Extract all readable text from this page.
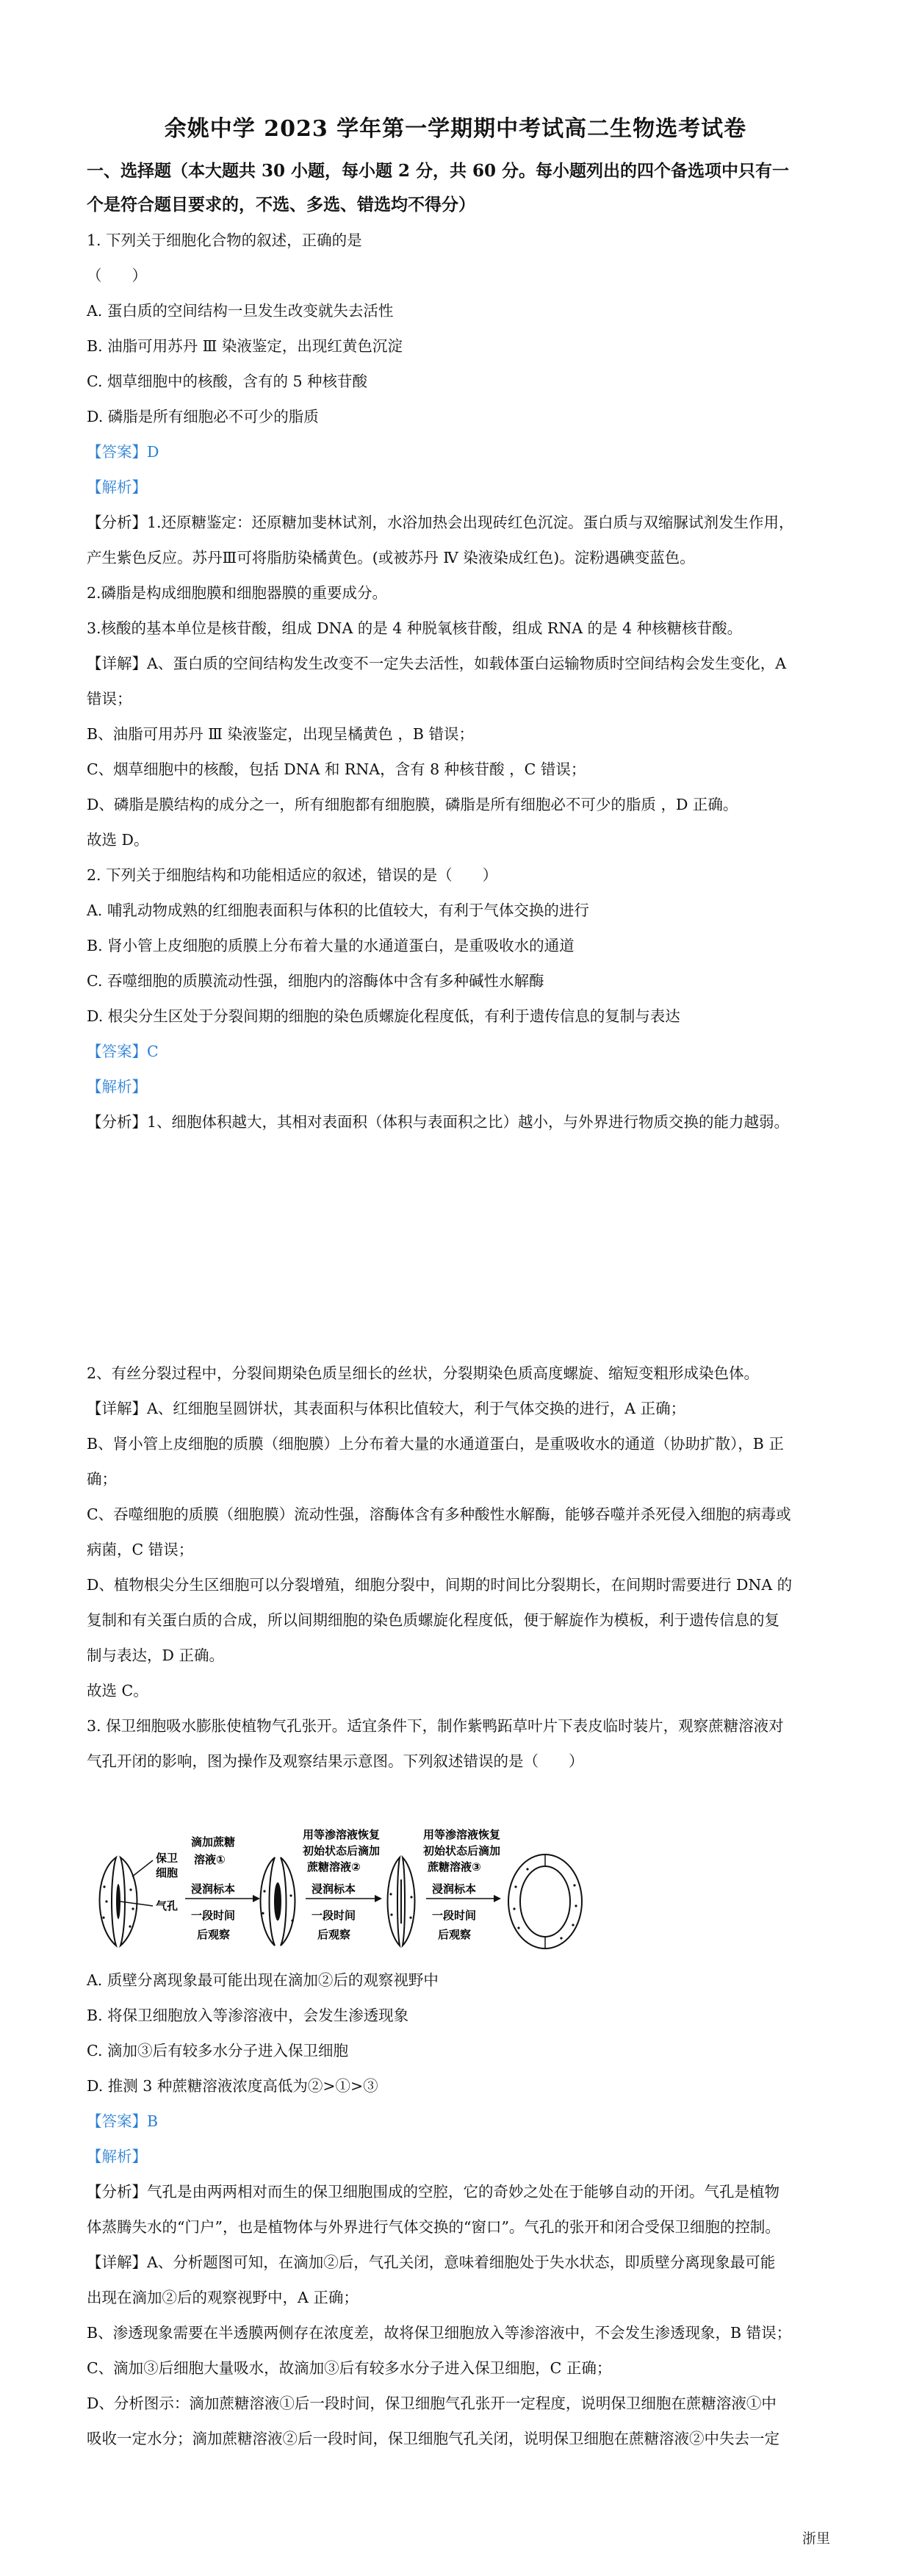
余姚中学 2023 学年第一学期期中考试高二生物选考试卷
一、选择题（本大题共 30 小题，每小题 2 分，共 60 分。每小题列出的四个备选项中只有一
个是符合题目要求的，不选、多选、错选均不得分）
1. 下列关于细胞化合物的叙述，正确的是
（　　）
A. 蛋白质的空间结构一旦发生改变就失去活性
B. 油脂可用苏丹 Ⅲ 染液鉴定，出现红黄色沉淀
C. 烟草细胞中的核酸，含有的 5 种核苷酸
D. 磷脂是所有细胞必不可少的脂质
【答案】D
【解析】
【分析】1.还原糖鉴定：还原糖加斐林试剂，水浴加热会出现砖红色沉淀。蛋白质与双缩脲试剂发生作用，
产生紫色反应。苏丹Ⅲ可将脂肪染橘黄色。(或被苏丹 Ⅳ 染液染成红色)。淀粉遇碘变蓝色。
2.磷脂是构成细胞膜和细胞器膜的重要成分。
3.核酸的基本单位是核苷酸，组成 DNA 的是 4 种脱氧核苷酸，组成 RNA 的是 4 种核糖核苷酸。
【详解】A、蛋白质的空间结构发生改变不一定失去活性，如载体蛋白运输物质时空间结构会发生变化，A
错误；
B、油脂可用苏丹 Ⅲ 染液鉴定，出现呈橘黄色 ，B 错误；
C、烟草细胞中的核酸，包括 DNA 和 RNA，含有 8 种核苷酸 ，C 错误；
D、磷脂是膜结构的成分之一，所有细胞都有细胞膜，磷脂是所有细胞必不可少的脂质 ，D 正确。
故选 D。
2. 下列关于细胞结构和功能相适应的叙述，错误的是（　　）
A. 哺乳动物成熟的红细胞表面积与体积的比值较大，有利于气体交换的进行
B. 肾小管上皮细胞的质膜上分布着大量的水通道蛋白，是重吸收水的通道
C. 吞噬细胞的质膜流动性强，细胞内的溶酶体中含有多种碱性水解酶
D. 根尖分生区处于分裂间期的细胞的染色质螺旋化程度低，有利于遗传信息的复制与表达
【答案】C
【解析】
【分析】1、细胞体积越大，其相对表面积（体积与表面积之比）越小，与外界进行物质交换的能力越弱。
2、有丝分裂过程中，分裂间期染色质呈细长的丝状，分裂期染色质高度螺旋、缩短变粗形成染色体。
【详解】A、红细胞呈圆饼状，其表面积与体积比值较大，利于气体交换的进行，A 正确；
B、肾小管上皮细胞的质膜（细胞膜）上分布着大量的水通道蛋白，是重吸收水的通道（协助扩散），B 正
确；
C、吞噬细胞的质膜（细胞膜）流动性强，溶酶体含有多种酸性水解酶，能够吞噬并杀死侵入细胞的病毒或
病菌，C 错误；
D、植物根尖分生区细胞可以分裂增殖，细胞分裂中，间期的时间比分裂期长，在间期时需要进行 DNA 的
复制和有关蛋白质的合成，所以间期细胞的染色质螺旋化程度低，便于解旋作为模板，利于遗传信息的复
制与表达，D 正确。
故选 C。
3. 保卫细胞吸水膨胀使植物气孔张开。适宜条件下，制作紫鸭跖草叶片下表皮临时装片，观察蔗糖溶液对
气孔开闭的影响，图为操作及观察结果示意图。下列叙述错误的是（　　）
保卫
细胞
气孔
滴加蔗糖
溶液①
浸润标本
一段时间
后观察
用等渗溶液恢复
初始状态后滴加
蔗糖溶液②
浸润标本
一段时间
后观察
用等渗溶液恢复
初始状态后滴加
蔗糖溶液③
浸润标本
一段时间
后观察
A. 质壁分离现象最可能出现在滴加②后的观察视野中
B. 将保卫细胞放入等渗溶液中，会发生渗透现象
C. 滴加③后有较多水分子进入保卫细胞
D. 推测 3 种蔗糖溶液浓度高低为②>①>③
【答案】B
【解析】
【分析】气孔是由两两相对而生的保卫细胞围成的空腔，它的奇妙之处在于能够自动的开闭。气孔是植物
体蒸腾失水的“门户”，也是植物体与外界进行气体交换的“窗口”。气孔的张开和闭合受保卫细胞的控制。
【详解】A、分析题图可知，在滴加②后，气孔关闭，意味着细胞处于失水状态，即质壁分离现象最可能
出现在滴加②后的观察视野中，A 正确；
B、渗透现象需要在半透膜两侧存在浓度差，故将保卫细胞放入等渗溶液中，不会发生渗透现象，B 错误；
C、滴加③后细胞大量吸水，故滴加③后有较多水分子进入保卫细胞，C 正确；
D、分析图示：滴加蔗糖溶液①后一段时间，保卫细胞气孔张开一定程度，说明保卫细胞在蔗糖溶液①中
吸收一定水分；滴加蔗糖溶液②后一段时间，保卫细胞气孔关闭，说明保卫细胞在蔗糖溶液②中失去一定
浙里
